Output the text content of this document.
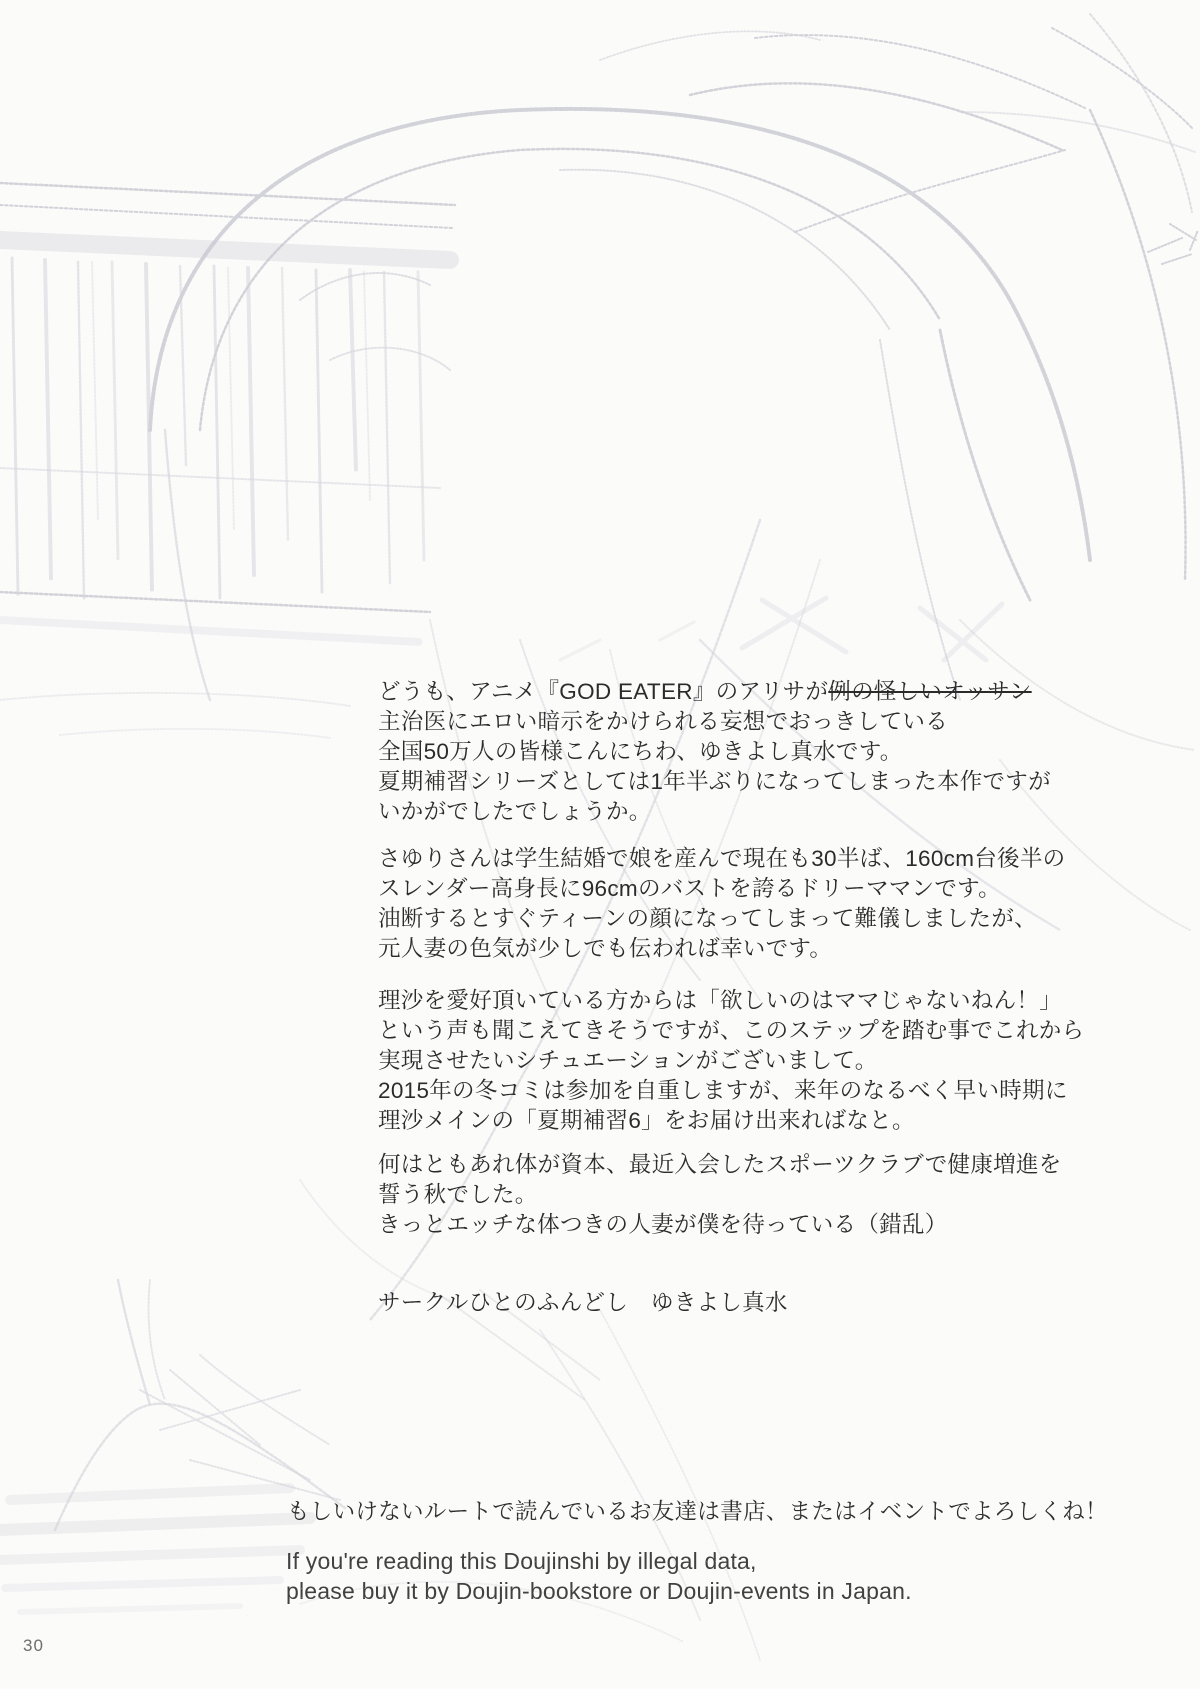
どうも、アニメ『GOD EATER』のアリサが例の怪しいオッサン
主治医にエロい暗示をかけられる妄想でおっきしている
全国50万人の皆様こんにちわ、ゆきよし真水です。
夏期補習シリーズとしては1年半ぶりになってしまった本作ですが
いかがでしたでしょうか。
さゆりさんは学生結婚で娘を産んで現在も30半ば、160cm台後半の
スレンダー高身長に96cmのバストを誇るドリーママンです。
油断するとすぐティーンの顔になってしまって難儀しましたが、
元人妻の色気が少しでも伝われば幸いです。
理沙を愛好頂いている方からは「欲しいのはママじゃないねん！」
という声も聞こえてきそうですが、このステップを踏む事でこれから
実現させたいシチュエーションがございまして。
2015年の冬コミは参加を自重しますが、来年のなるべく早い時期に
理沙メインの「夏期補習6」をお届け出来ればなと。
何はともあれ体が資本、最近入会したスポーツクラブで健康増進を
誓う秋でした。
きっとエッチな体つきの人妻が僕を待っている（錯乱）
サークルひとのふんどし　ゆきよし真水
もしいけないルートで読んでいるお友達は書店、またはイベントでよろしくね！
If you're reading this Doujinshi by illegal data,
please buy it by Doujin-bookstore or Doujin-events in Japan.
30
